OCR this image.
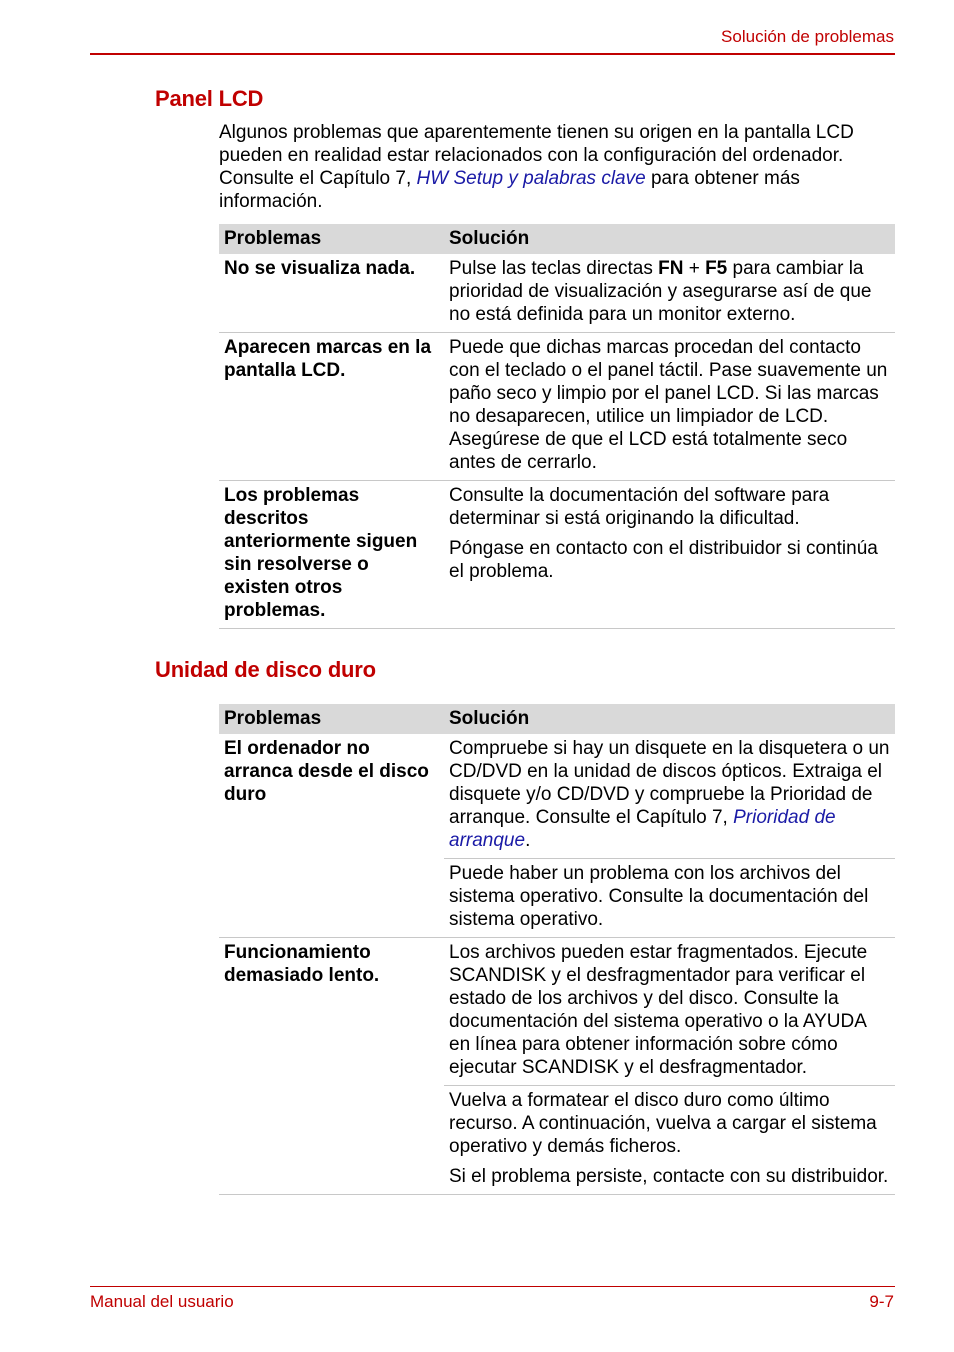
Solución de problemas
Panel LCD
Algunos problemas que aparentemente tienen su origen en la pantalla LCD pueden en realidad estar relacionados con la configuración del ordenador. Consulte el Capítulo 7, HW Setup y palabras clave para obtener más información.
Problemas	Solución
No se visualiza nada.	Pulse las teclas directas FN + F5 para cambiar la prioridad de visualización y asegurarse así de que no está definida para un monitor externo.
Aparecen marcas en la pantalla LCD.	Puede que dichas marcas procedan del contacto con el teclado o el panel táctil. Pase suavemente un paño seco y limpio por el panel LCD. Si las marcas no desaparecen, utilice un limpiador de LCD. Asegúrese de que el LCD está totalmente seco antes de cerrarlo.
Los problemas descritos anteriormente siguen sin resolverse o existen otros problemas.	Consulte la documentación del software para determinar si está originando la dificultad.

Póngase en contacto con el distribuidor si continúa el problema.

Unidad de disco duro
Problemas	Solución
El ordenador no arranca desde el disco duro	Compruebe si hay un disquete en la disquetera o un CD/DVD en la unidad de discos ópticos. Extraiga el disquete y/o CD/DVD y compruebe la Prioridad de arranque. Consulte el Capítulo 7, Prioridad de arranque.
	Puede haber un problema con los archivos del sistema operativo. Consulte la documentación del sistema operativo.
Funcionamiento demasiado lento.	Los archivos pueden estar fragmentados. Ejecute SCANDISK y el desfragmentador para verificar el estado de los archivos y del disco. Consulte la documentación del sistema operativo o la AYUDA en línea para obtener información sobre cómo ejecutar SCANDISK y el desfragmentador.

	Vuelva a formatear el disco duro como último recurso. A continuación, vuelva a cargar el sistema operativo y demás ficheros.

Si el problema persiste, contacte con su distribuidor.

Manual del usuario	9-7
